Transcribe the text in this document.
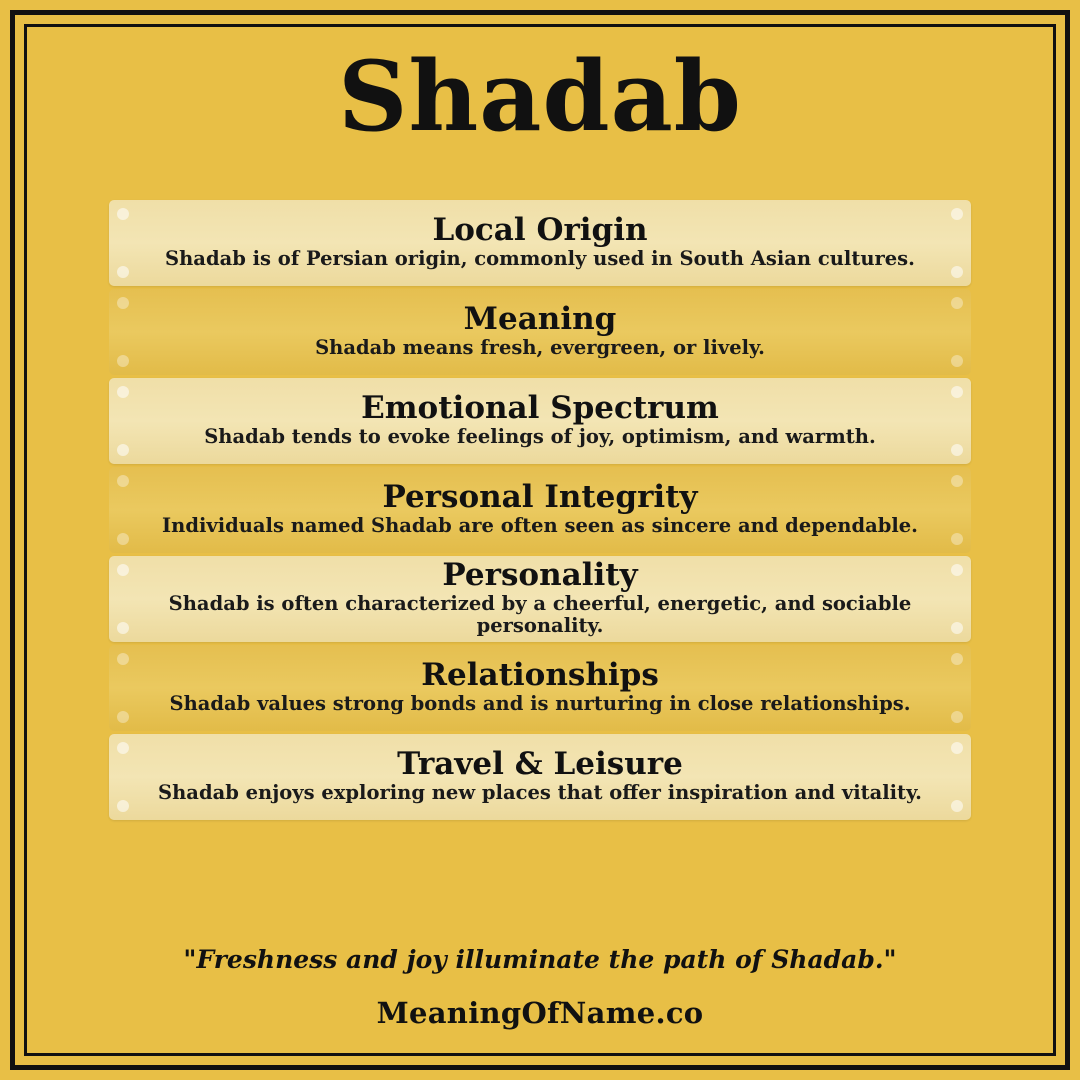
Shadab
Local Origin
Shadab is of Persian origin, commonly used in South Asian cultures.
Meaning
Shadab means fresh, evergreen, or lively.
Emotional Spectrum
Shadab tends to evoke feelings of joy, optimism, and warmth.
Personal Integrity
Individuals named Shadab are often seen as sincere and dependable.
Personality
Shadab is often characterized by a cheerful, energetic, and sociable personality.
Relationships
Shadab values strong bonds and is nurturing in close relationships.
Travel & Leisure
Shadab enjoys exploring new places that offer inspiration and vitality.
"Freshness and joy illuminate the path of Shadab."
MeaningOfName.co
